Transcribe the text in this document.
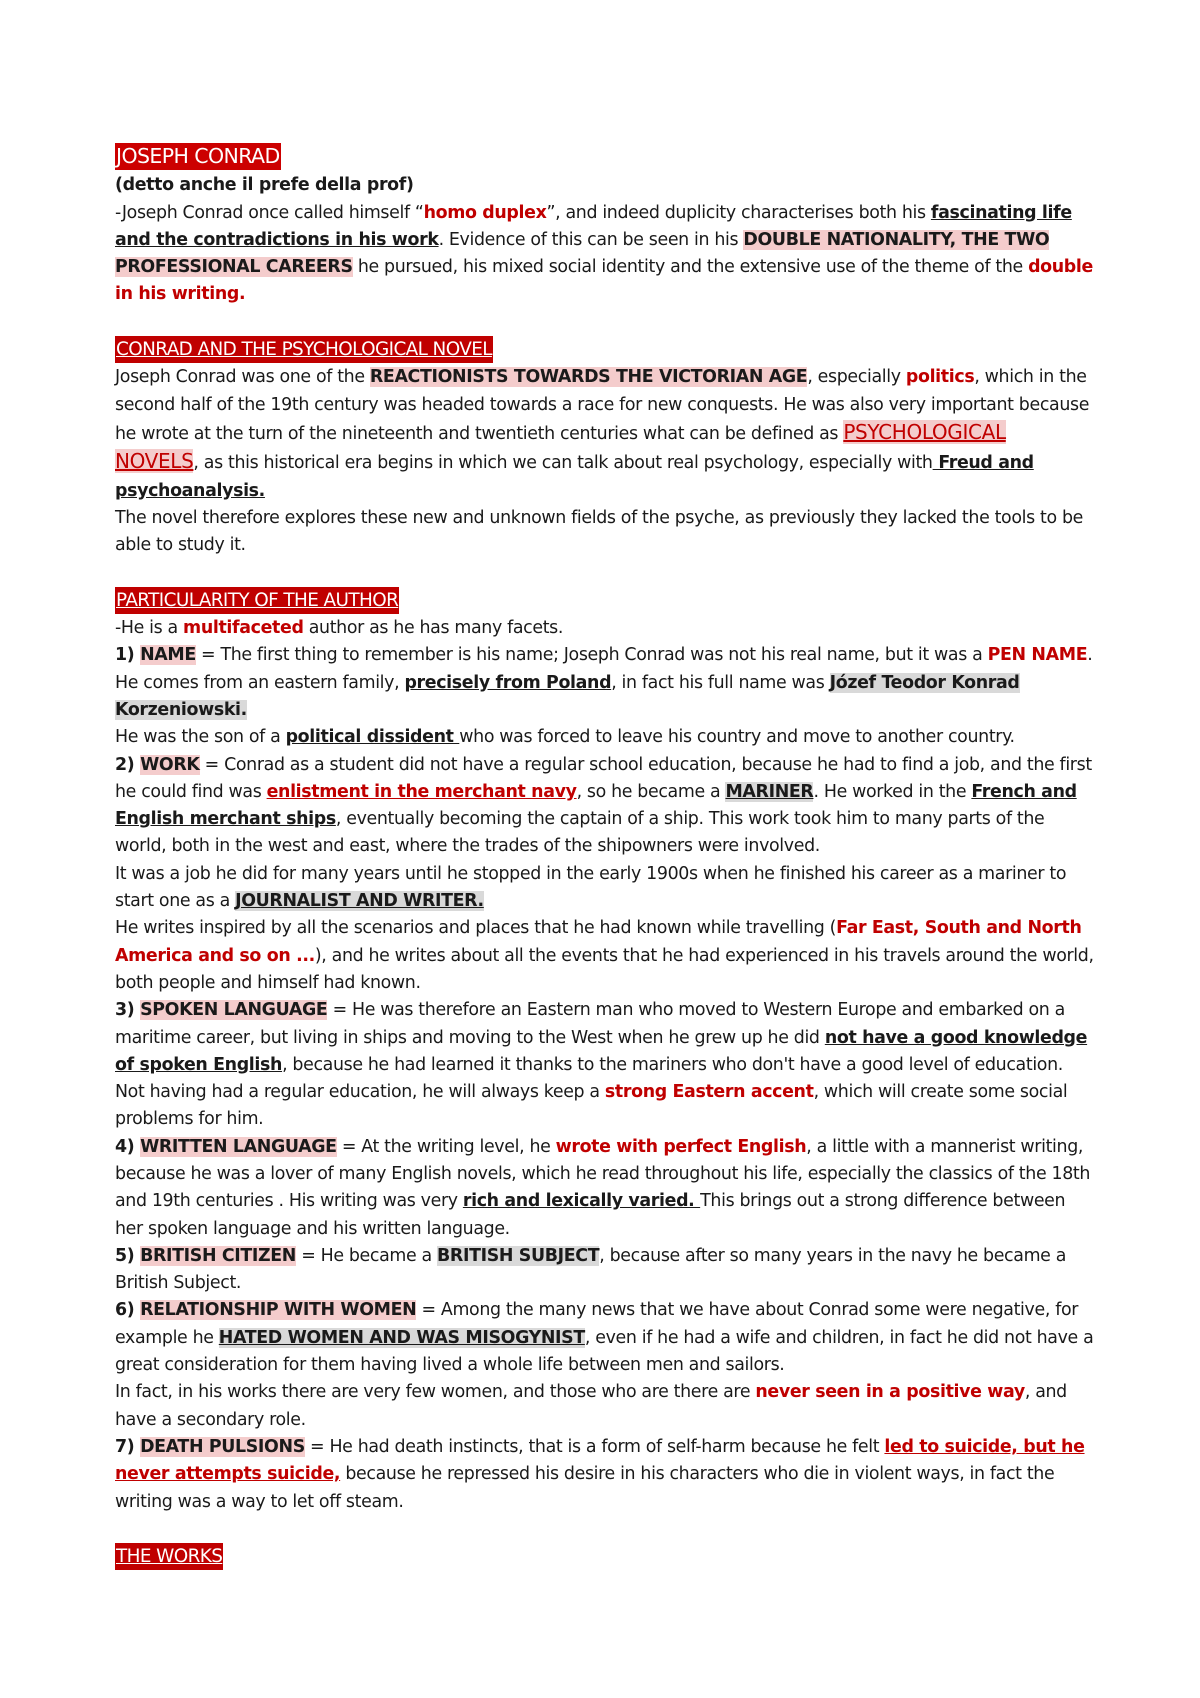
JOSEPH CONRAD

(detto anche il prefe della prof)

-Joseph Conrad once called himself “homo duplex”, and indeed duplicity characterises both his fascinating life and the contradictions in his work. Evidence of this can be seen in his DOUBLE NATIONALITY, THE TWO PROFESSIONAL CAREERS he pursued, his mixed social identity and the extensive use of the theme of the double in his writing.

CONRAD AND THE PSYCHOLOGICAL NOVEL

Joseph Conrad was one of the REACTIONISTS TOWARDS THE VICTORIAN AGE, especially politics, which in the second half of the 19th century was headed towards a race for new conquests. He was also very important because he wrote at the turn of the nineteenth and twentieth centuries what can be defined as PSYCHOLOGICAL NOVELS, as this historical era begins in which we can talk about real psychology, especially with Freud and psychoanalysis.

The novel therefore explores these new and unknown fields of the psyche, as previously they lacked the tools to be able to study it.

PARTICULARITY OF THE AUTHOR

-He is a multifaceted author as he has many facets.

1) NAME = The first thing to remember is his name; Joseph Conrad was not his real name, but it was a PEN NAME. He comes from an eastern family, precisely from Poland, in fact his full name was Józef Teodor Konrad Korzeniowski.

He was the son of a political dissident who was forced to leave his country and move to another country.

2) WORK = Conrad as a student did not have a regular school education, because he had to find a job, and the first he could find was enlistment in the merchant navy, so he became a MARINER. He worked in the French and English merchant ships, eventually becoming the captain of a ship. This work took him to many parts of the world, both in the west and east, where the trades of the shipowners were involved.

It was a job he did for many years until he stopped in the early 1900s when he finished his career as a mariner to start one as a JOURNALIST AND WRITER.

He writes inspired by all the scenarios and places that he had known while travelling (Far East, South and North America and so on ...), and he writes about all the events that he had experienced in his travels around the world, both people and himself had known.

3) SPOKEN LANGUAGE = He was therefore an Eastern man who moved to Western Europe and embarked on a maritime career, but living in ships and moving to the West when he grew up he did not have a good knowledge of spoken English, because he had learned it thanks to the mariners who don't have a good level of education. Not having had a regular education, he will always keep a strong Eastern accent, which will create some social problems for him.

4) WRITTEN LANGUAGE = At the writing level, he wrote with perfect English, a little with a mannerist writing, because he was a lover of many English novels, which he read throughout his life, especially the classics of the 18th and 19th centuries . His writing was very rich and lexically varied. This brings out a strong difference between her spoken language and his written language.

5) BRITISH CITIZEN = He became a BRITISH SUBJECT, because after so many years in the navy he became a British Subject.

6) RELATIONSHIP WITH WOMEN = Among the many news that we have about Conrad some were negative, for example he HATED WOMEN AND WAS MISOGYNIST, even if he had a wife and children, in fact he did not have a great consideration for them having lived a whole life between men and sailors.

In fact, in his works there are very few women, and those who are there are never seen in a positive way, and have a secondary role.

7) DEATH PULSIONS = He had death instincts, that is a form of self-harm because he felt led to suicide, but he never attempts suicide, because he repressed his desire in his characters who die in violent ways, in fact the writing was a way to let off steam.

THE WORKS
